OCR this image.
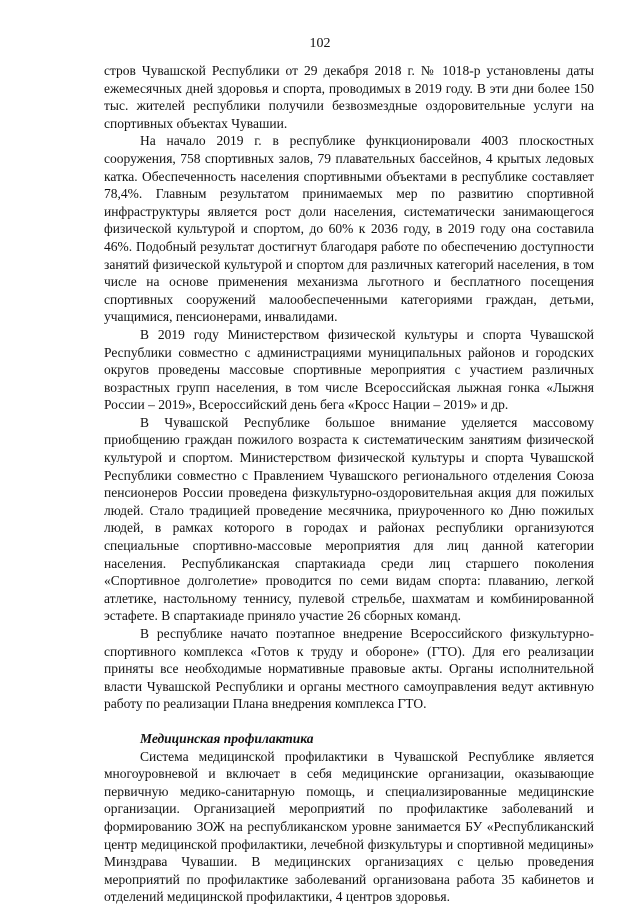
102

стров Чувашской Республики от 29 декабря 2018 г. № 1018-р установлены даты ежемесячных дней здоровья и спорта, проводимых в 2019 году. В эти дни более 150 тыс. жителей республики получили безвозмездные оздоровительные услуги на спортивных объектах Чувашии.

На начало 2019 г. в республике функционировали 4003 плоскостных сооружения, 758 спортивных залов, 79 плавательных бассейнов, 4 крытых ледовых катка. Обеспеченность населения спортивными объектами в республике составляет 78,4%. Главным результатом принимаемых мер по развитию спортивной инфраструктуры является рост доли населения, систематически занимающегося физической культурой и спортом, до 60% к 2036 году, в 2019 году она составила 46%. Подобный результат достигнут благодаря работе по обеспечению доступности занятий физической культурой и спортом для различных категорий населения, в том числе на основе применения механизма льготного и бесплатного посещения спортивных сооружений малообеспеченными категориями граждан, детьми, учащимися, пенсионерами, инвалидами.

В 2019 году Министерством физической культуры и спорта Чувашской Республики совместно с администрациями муниципальных районов и городских округов проведены массовые спортивные мероприятия с участием различных возрастных групп населения, в том числе Всероссийская лыжная гонка «Лыжня России – 2019», Всероссийский день бега «Кросс Нации – 2019» и др.

В Чувашской Республике большое внимание уделяется массовому приобщению граждан пожилого возраста к систематическим занятиям физической культурой и спортом. Министерством физической культуры и спорта Чувашской Республики совместно с Правлением Чувашского регионального отделения Союза пенсионеров России проведена физкультурно-оздоровительная акция для пожилых людей. Стало традицией проведение месячника, приуроченного ко Дню пожилых людей, в рамках которого в городах и районах республики организуются специальные спортивно-массовые мероприятия для лиц данной категории населения. Республиканская спартакиада среди лиц старшего поколения «Спортивное долголетие» проводится по семи видам спорта: плаванию, легкой атлетике, настольному теннису, пулевой стрельбе, шахматам и комбинированной эстафете. В спартакиаде приняло участие 26 сборных команд.

В республике начато поэтапное внедрение Всероссийского физкультурно-спортивного комплекса «Готов к труду и обороне» (ГТО). Для его реализации приняты все необходимые нормативные правовые акты. Органы исполнительной власти Чувашской Республики и органы местного самоуправления ведут активную работу по реализации Плана внедрения комплекса ГТО.

Медицинская профилактика

Система медицинской профилактики в Чувашской Республике является многоуровневой и включает в себя медицинские организации, оказывающие первичную медико-санитарную помощь, и специализированные медицинские организации. Организацией мероприятий по профилактике заболеваний и формированию ЗОЖ на республиканском уровне занимается БУ «Республиканский центр медицинской профилактики, лечебной физкультуры и спортивной медицины» Минздрава Чувашии. В медицинских организациях с целью проведения мероприятий по профилактике заболеваний организована работа 35 кабинетов и отделений медицинской профилактики, 4 центров здоровья.
